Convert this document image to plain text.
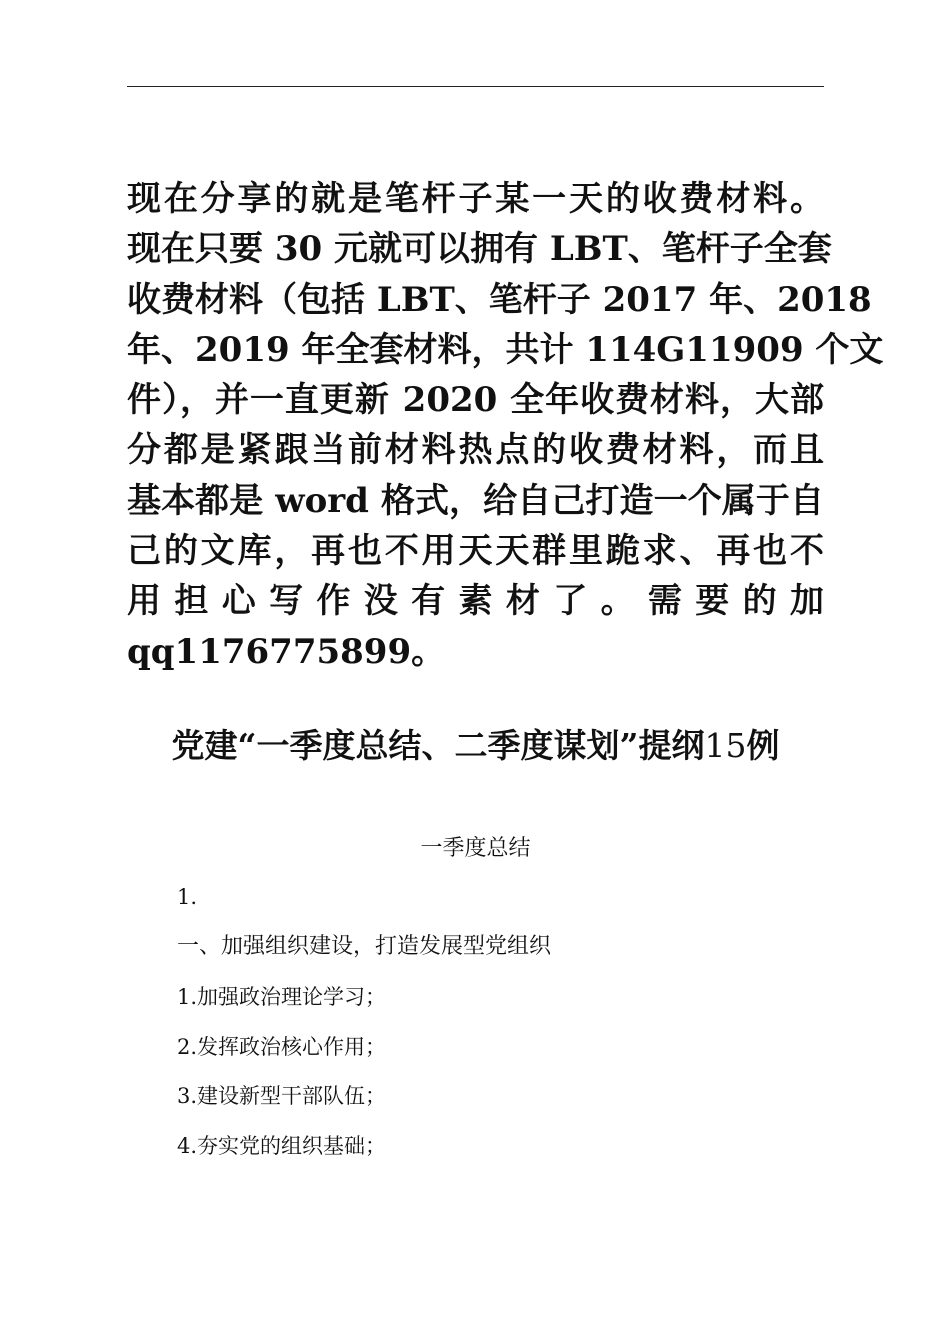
现在分享的就是笔杆子某一天的收费材料。
现在只要 30 元就可以拥有 LBT、笔杆子全套
收费材料（包括 LBT、笔杆子 2017 年、2018
年、2019 年全套材料，共计 114G11909 个文
件），并一直更新 2020 全年收费材料，大部
分都是紧跟当前材料热点的收费材料，而且
基本都是 word 格式，给自己打造一个属于自
己的文库，再也不用天天群里跪求、再也不
用担心写作没有素材了。需要的加
qq1176775899。
党建“一季度总结、二季度谋划”提纲15例
一季度总结
1.
一、加强组织建设，打造发展型党组织
1.加强政治理论学习；
2.发挥政治核心作用；
3.建设新型干部队伍；
4.夯实党的组织基础；
